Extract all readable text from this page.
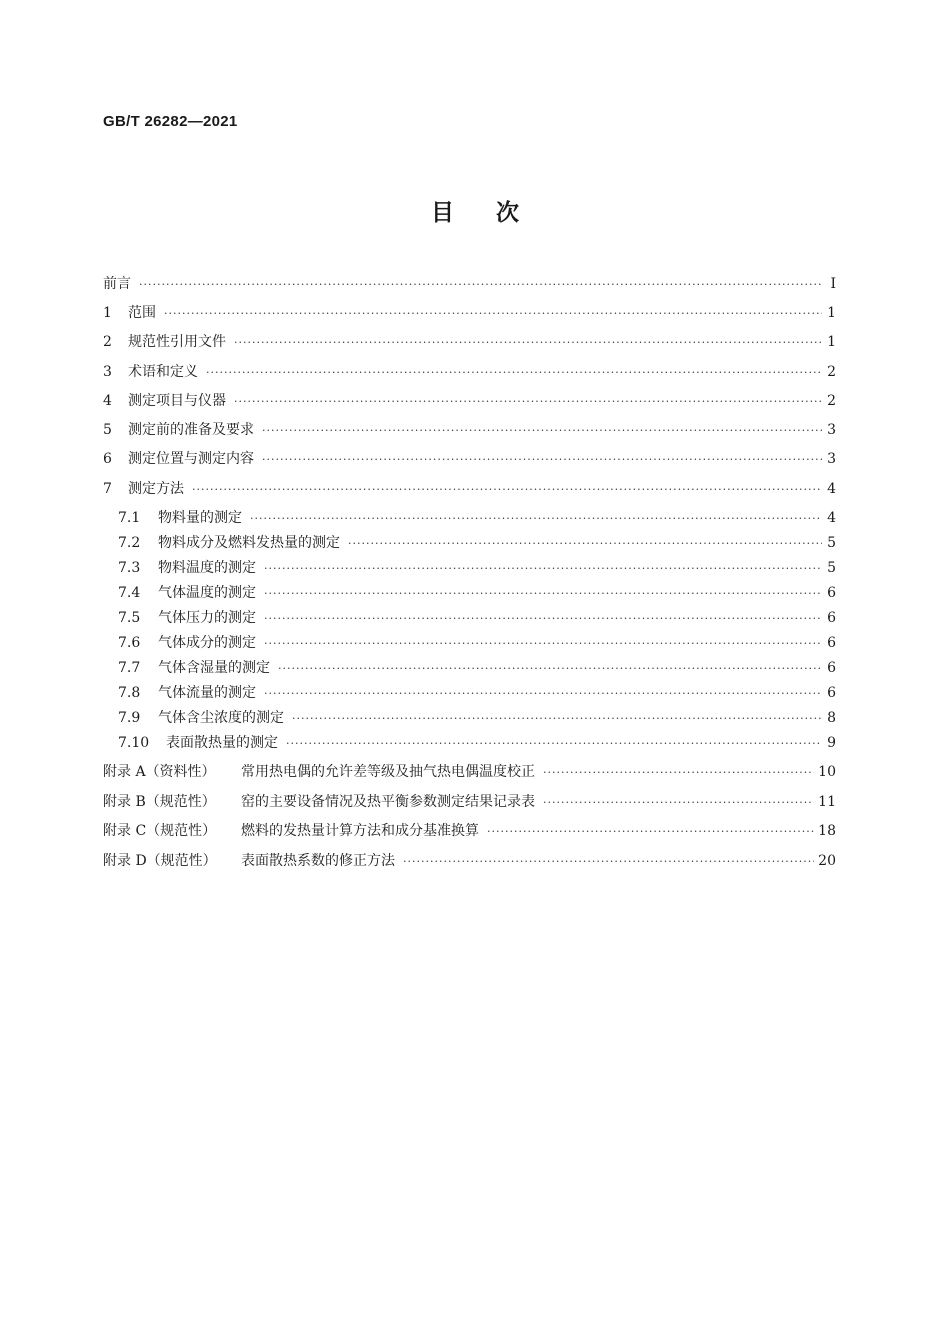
GB/T 26282—2021
目次
前言 ·····	Ⅰ
1	范围 ·····	1
2	规范性引用文件 ·····	1
3	术语和定义 ·····	2
4	测定项目与仪器 ·····	2
5	测定前的准备及要求 ·····	3
6	测定位置与测定内容 ·····	3
7	测定方法 ·····	4
7.1	物料量的测定 ·····	4
7.2	物料成分及燃料发热量的测定 ·····	5
7.3	物料温度的测定 ·····	5
7.4	气体温度的测定 ·····	6
7.5	气体压力的测定 ·····	6
7.6	气体成分的测定 ·····	6
7.7	气体含湿量的测定 ·····	6
7.8	气体流量的测定 ·····	6
7.9	气体含尘浓度的测定 ·····	8
7.10	表面散热量的测定 ·····	9
附录 A（资料性）	常用热电偶的允许差等级及抽气热电偶温度校正 ·····	10
附录 B（规范性）	窑的主要设备情况及热平衡参数测定结果记录表 ·····	11
附录 C（规范性）	燃料的发热量计算方法和成分基准换算 ·····	18
附录 D（规范性）	表面散热系数的修正方法 ·····	20
